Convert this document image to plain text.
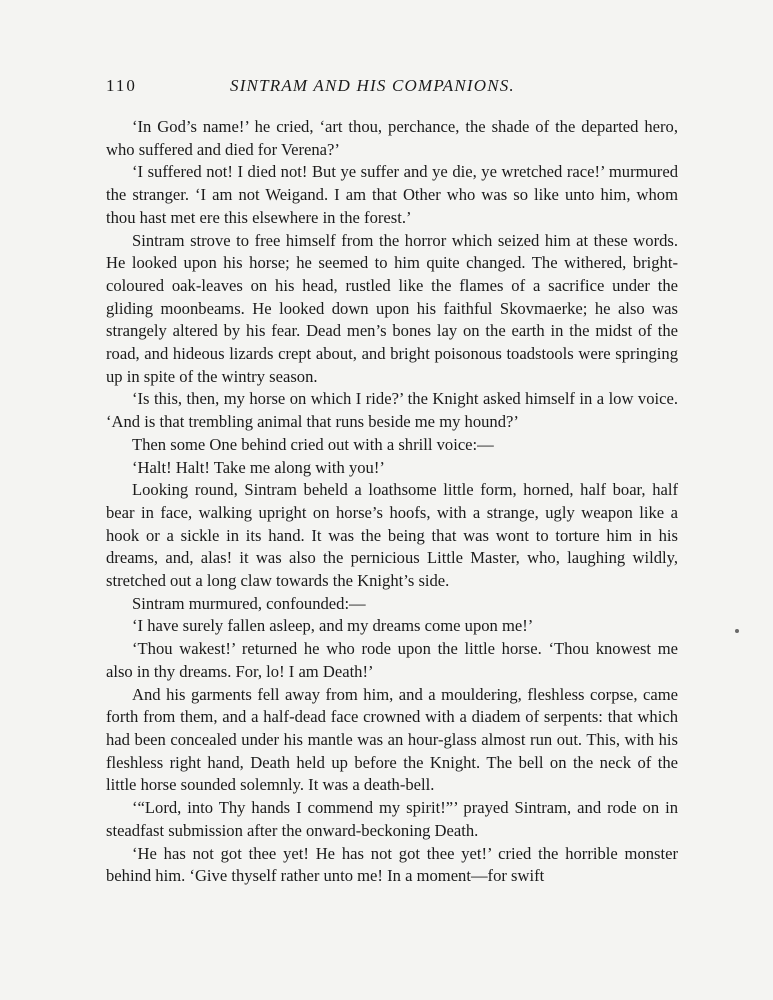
110	SINTRAM AND HIS COMPANIONS.

‘In God’s name!’ he cried, ‘art thou, perchance, the shade of the departed hero, who suffered and died for Verena?’

‘I suffered not! I died not! But ye suffer and ye die, ye wretched race!’ murmured the stranger. ‘I am not Weigand. I am that Other who was so like unto him, whom thou hast met ere this elsewhere in the forest.’

Sintram strove to free himself from the horror which seized him at these words. He looked upon his horse; he seemed to him quite changed. The withered, bright-coloured oak-leaves on his head, rustled like the flames of a sacrifice under the gliding moonbeams. He looked down upon his faithful Skovmaerke; he also was strangely altered by his fear. Dead men’s bones lay on the earth in the midst of the road, and hideous lizards crept about, and bright poisonous toadstools were springing up in spite of the wintry season.

‘Is this, then, my horse on which I ride?’ the Knight asked himself in a low voice. ‘And is that trembling animal that runs beside me my hound?’

Then some One behind cried out with a shrill voice:—

‘Halt! Halt! Take me along with you!’

Looking round, Sintram beheld a loathsome little form, horned, half boar, half bear in face, walking upright on horse’s hoofs, with a strange, ugly weapon like a hook or a sickle in its hand. It was the being that was wont to torture him in his dreams, and, alas! it was also the pernicious Little Master, who, laughing wildly, stretched out a long claw towards the Knight’s side.

Sintram murmured, confounded:—

‘I have surely fallen asleep, and my dreams come upon me!’

‘Thou wakest!’ returned he who rode upon the little horse. ‘Thou knowest me also in thy dreams. For, lo! I am Death!’

And his garments fell away from him, and a mouldering, fleshless corpse, came forth from them, and a half-dead face crowned with a diadem of serpents: that which had been concealed under his mantle was an hour-glass almost run out. This, with his fleshless right hand, Death held up before the Knight. The bell on the neck of the little horse sounded solemnly. It was a death-bell.

‘“Lord, into Thy hands I commend my spirit!”’ prayed Sintram, and rode on in steadfast submission after the onward-beckoning Death.

‘He has not got thee yet! He has not got thee yet!’ cried the horrible monster behind him. ‘Give thyself rather unto me! In a moment—for swift
